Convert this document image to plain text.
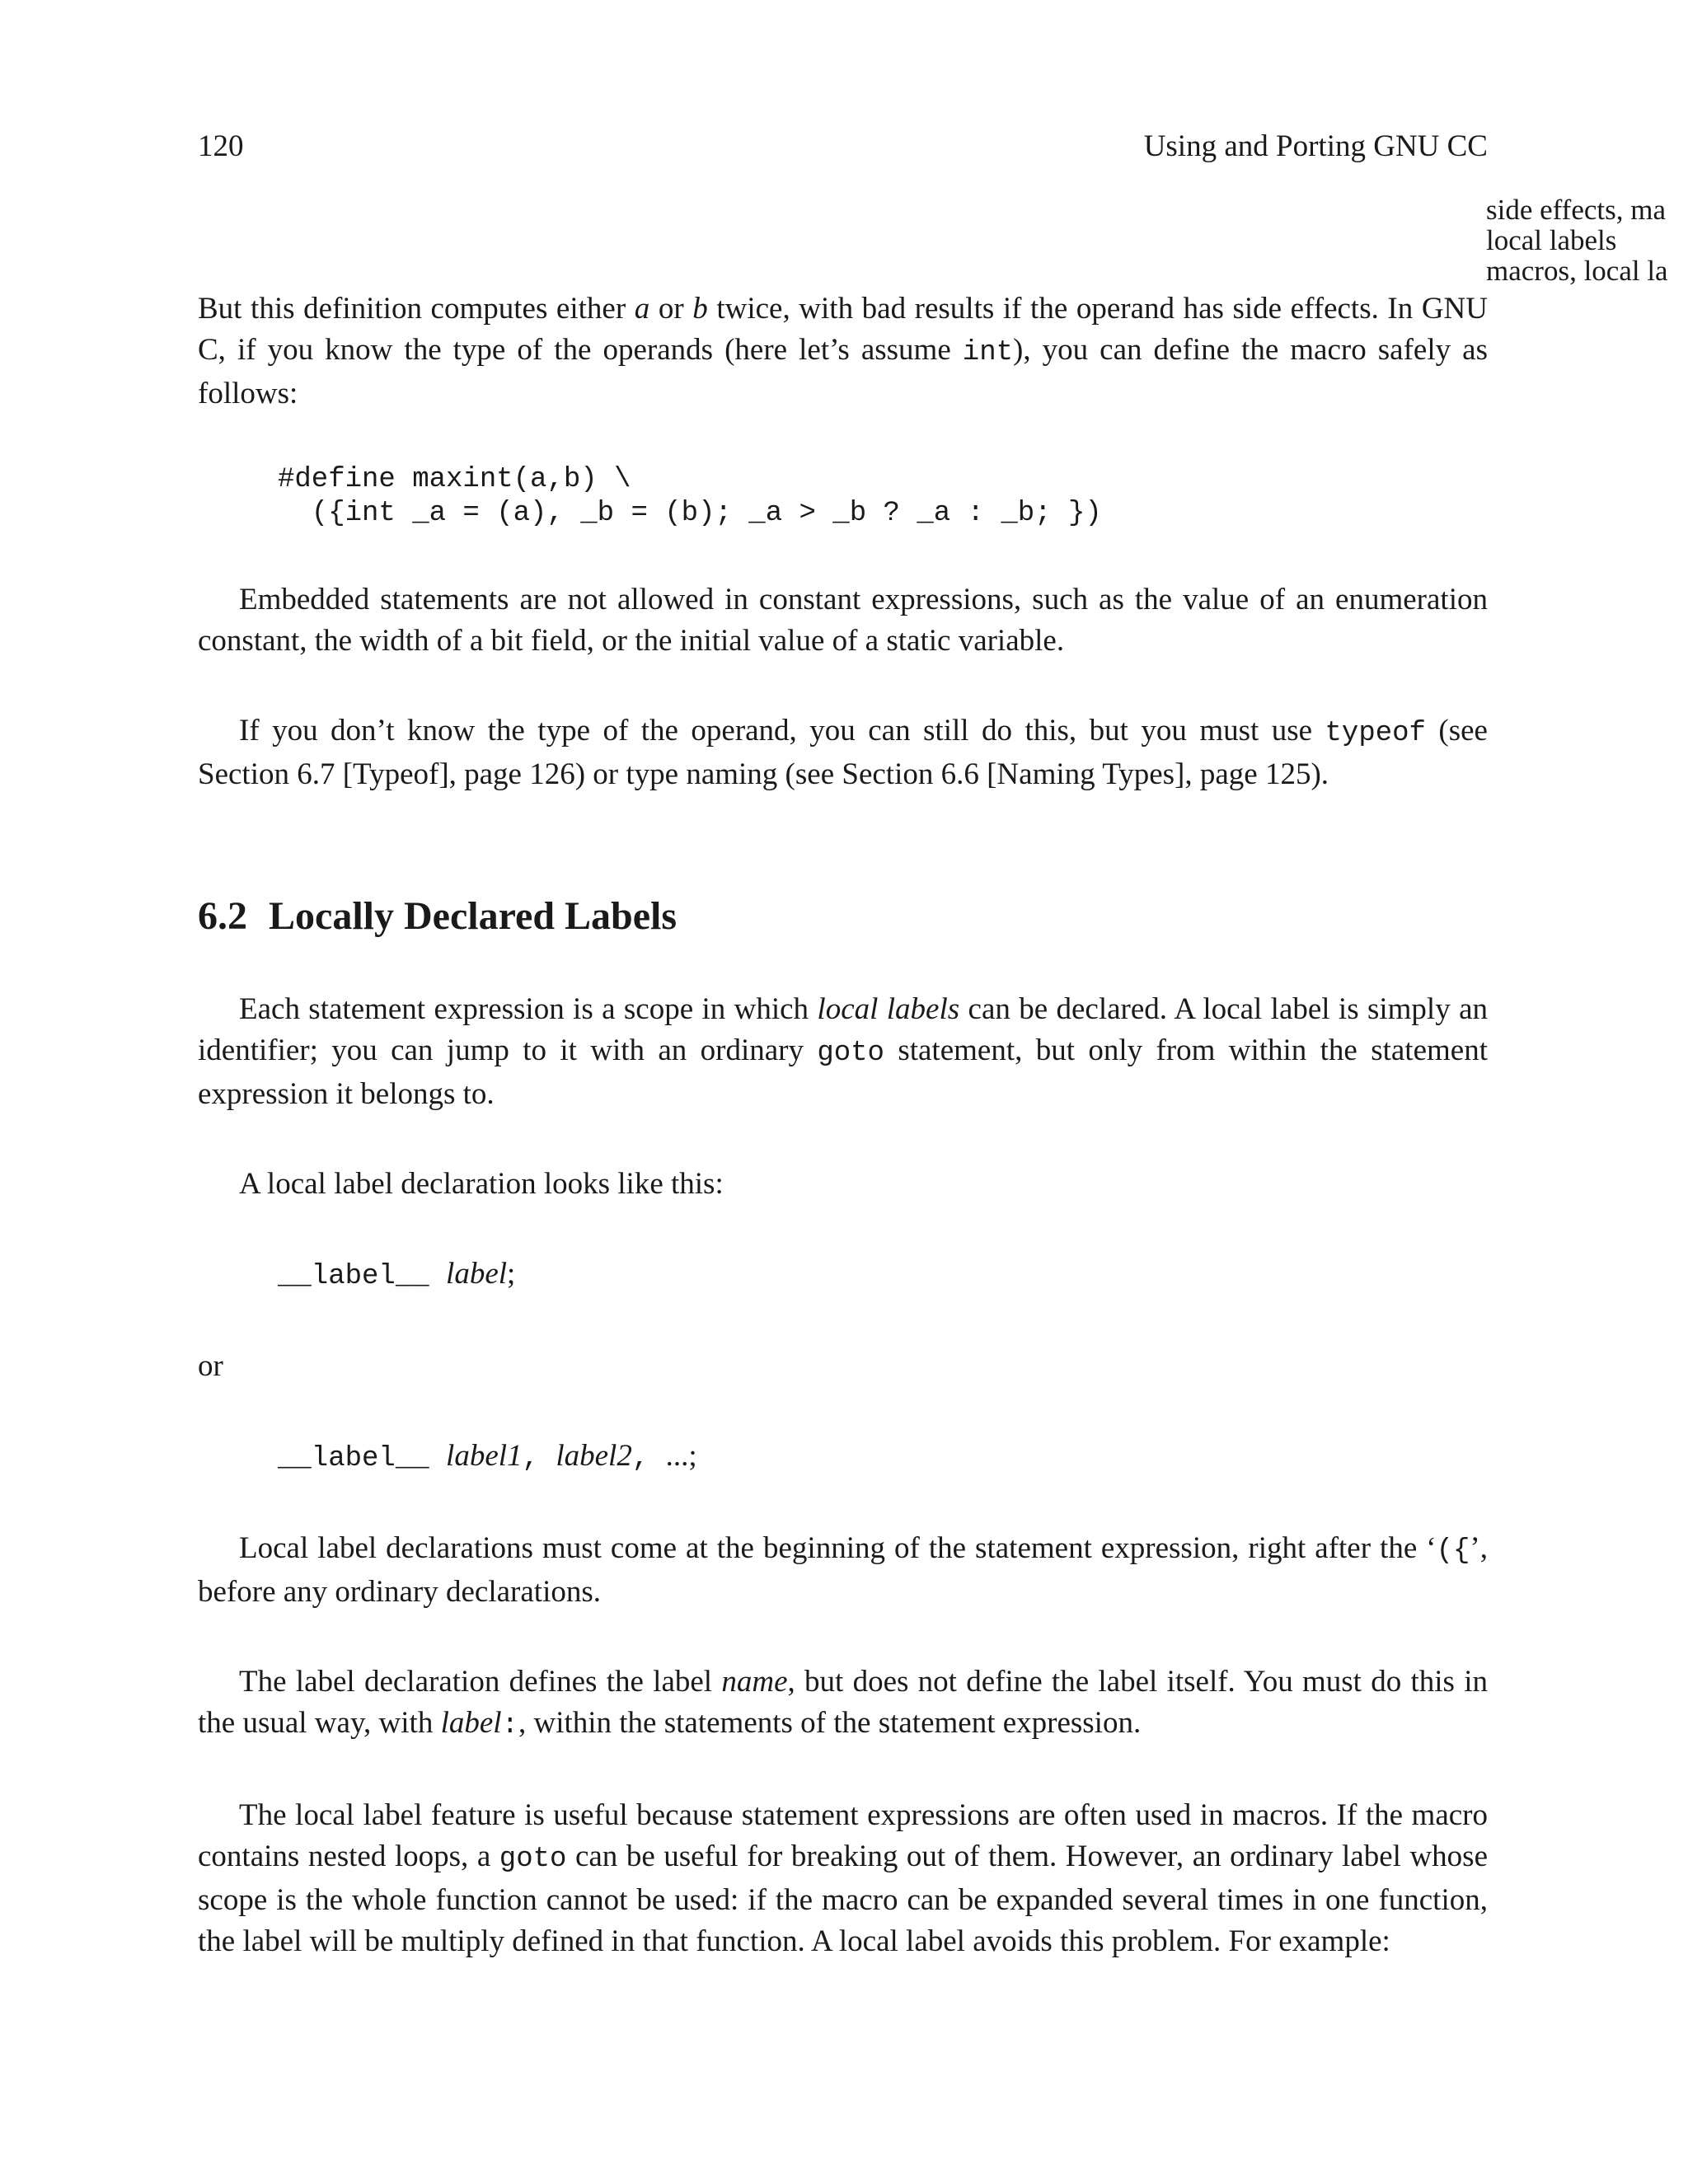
120	Using and Porting GNU CC
side effects, ma
local labels
macros, local la

But this definition computes either a or b twice, with bad results if the operand has side effects. In GNU C, if you know the type of the operands (here let’s assume int), you can define the macro safely as follows:

#define maxint(a,b) \
({int _a = (a), _b = (b); _a > _b ? _a : _b; })

Embedded statements are not allowed in constant expressions, such as the value of an enumeration constant, the width of a bit field, or the initial value of a static variable.

If you don’t know the type of the operand, you can still do this, but you must use typeof (see Section 6.7 [Typeof], page 126) or type naming (see Section 6.6 [Naming Types], page 125).

6.2 Locally Declared Labels

Each statement expression is a scope in which local labels can be declared. A local label is simply an identifier; you can jump to it with an ordinary goto statement, but only from within the statement expression it belongs to.

A local label declaration looks like this:

__label__ label;
or
__label__ label1, label2, ...;

Local label declarations must come at the beginning of the statement expression, right after the ‘({’, before any ordinary declarations.

The label declaration defines the label name, but does not define the label itself. You must do this in the usual way, with label:, within the statements of the statement expression.

The local label feature is useful because statement expressions are often used in macros. If the macro contains nested loops, a goto can be useful for breaking out of them. However, an ordinary label whose scope is the whole function cannot be used: if the macro can be expanded several times in one function, the label will be multiply defined in that function. A local label avoids this problem. For example:
